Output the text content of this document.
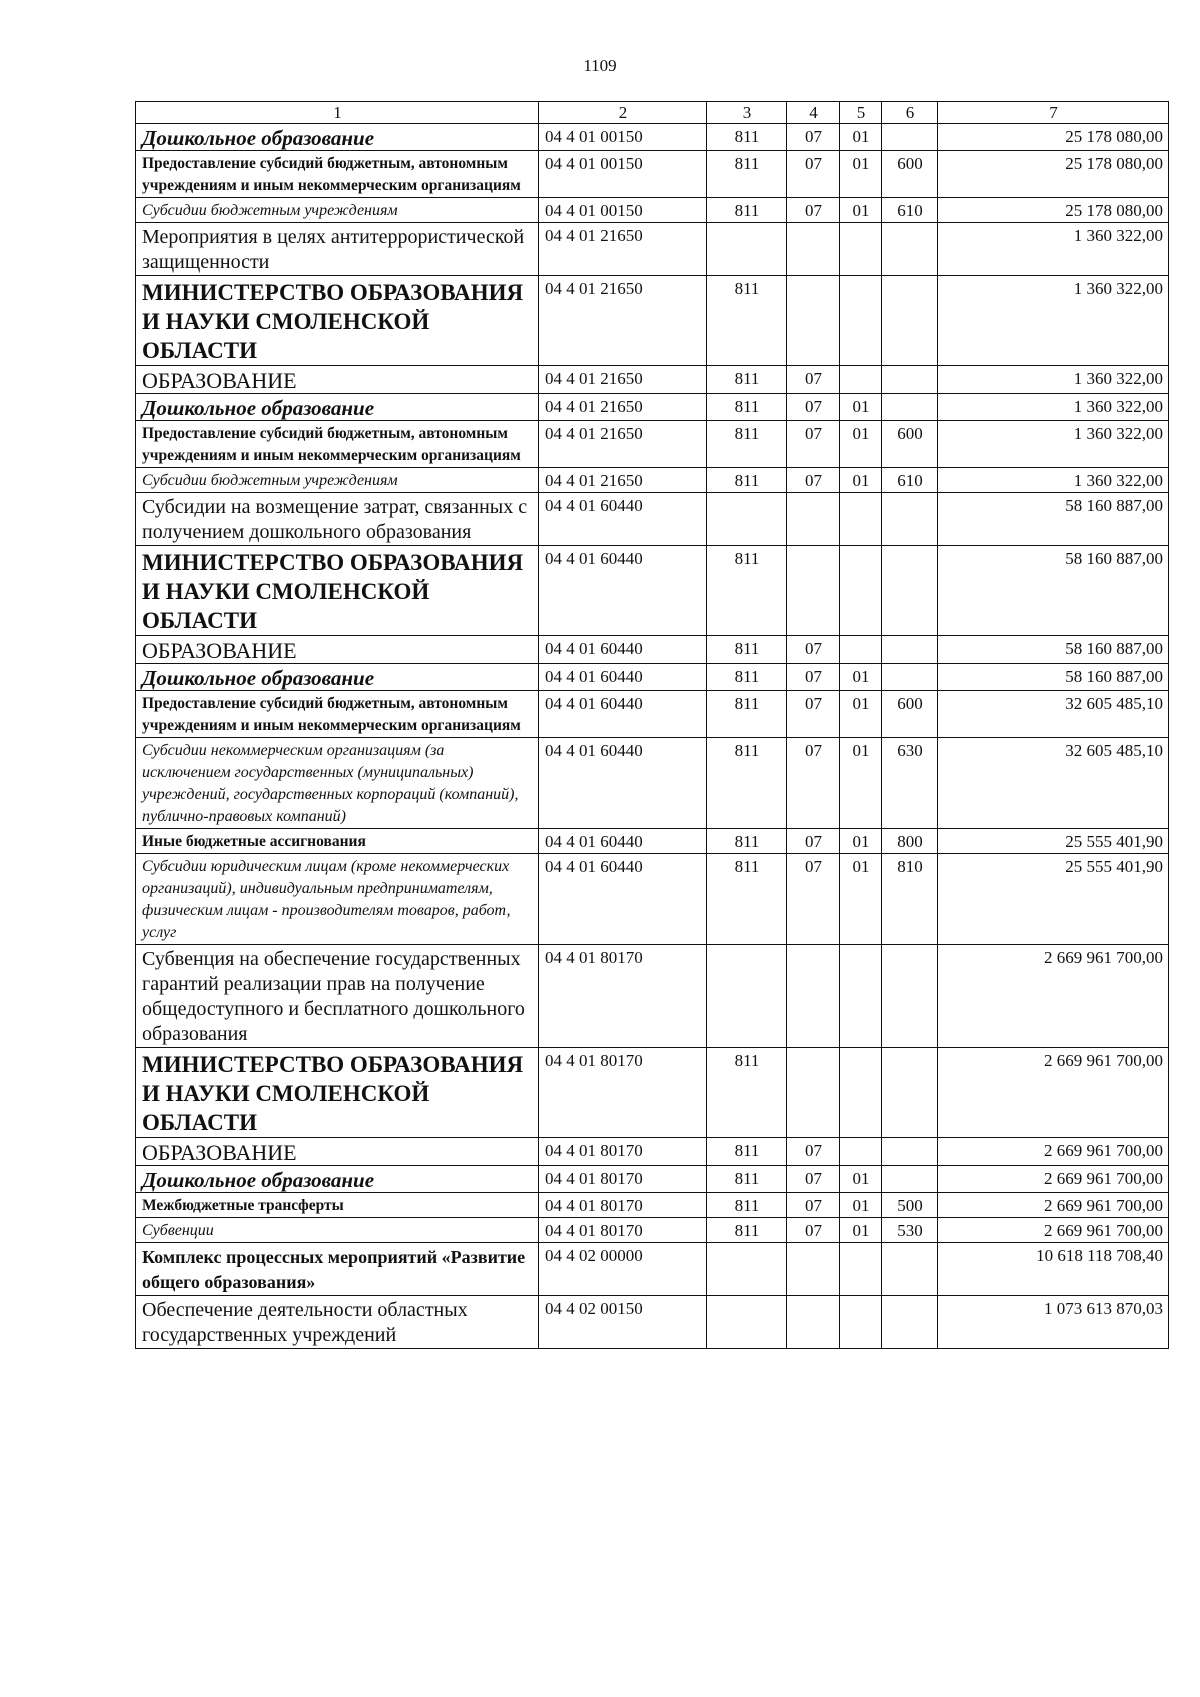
1109
1	2	3	4	5	6	7
Дошкольное образование	04 4 01 00150	811	07	01		25 178 080,00
Предоставление субсидий бюджетным, автономным учреждениям и иным некоммерческим организациям	04 4 01 00150	811	07	01	600	25 178 080,00
Субсидии бюджетным учреждениям	04 4 01 00150	811	07	01	610	25 178 080,00
Мероприятия в целях антитеррористической защищенности	04 4 01 21650					1 360 322,00
МИНИСТЕРСТВО ОБРАЗОВАНИЯ И НАУКИ СМОЛЕНСКОЙ ОБЛАСТИ	04 4 01 21650	811				1 360 322,00
ОБРАЗОВАНИЕ	04 4 01 21650	811	07			1 360 322,00
Дошкольное образование	04 4 01 21650	811	07	01		1 360 322,00
Предоставление субсидий бюджетным, автономным учреждениям и иным некоммерческим организациям	04 4 01 21650	811	07	01	600	1 360 322,00
Субсидии бюджетным учреждениям	04 4 01 21650	811	07	01	610	1 360 322,00
Субсидии на возмещение затрат, связанных с получением дошкольного образования	04 4 01 60440					58 160 887,00
МИНИСТЕРСТВО ОБРАЗОВАНИЯ И НАУКИ СМОЛЕНСКОЙ ОБЛАСТИ	04 4 01 60440	811				58 160 887,00
ОБРАЗОВАНИЕ	04 4 01 60440	811	07			58 160 887,00
Дошкольное образование	04 4 01 60440	811	07	01		58 160 887,00
Предоставление субсидий бюджетным, автономным учреждениям и иным некоммерческим организациям	04 4 01 60440	811	07	01	600	32 605 485,10
Субсидии некоммерческим организациям (за исключением государственных (муниципальных) учреждений, государственных корпораций (компаний), публично-правовых компаний)	04 4 01 60440	811	07	01	630	32 605 485,10
Иные бюджетные ассигнования	04 4 01 60440	811	07	01	800	25 555 401,90
Субсидии юридическим лицам (кроме некоммерческих организаций), индивидуальным предпринимателям, физическим лицам - производителям товаров, работ, услуг	04 4 01 60440	811	07	01	810	25 555 401,90
Субвенция на обеспечение государственных гарантий реализации прав на получение общедоступного и бесплатного дошкольного образования	04 4 01 80170					2 669 961 700,00
МИНИСТЕРСТВО ОБРАЗОВАНИЯ И НАУКИ СМОЛЕНСКОЙ ОБЛАСТИ	04 4 01 80170	811				2 669 961 700,00
ОБРАЗОВАНИЕ	04 4 01 80170	811	07			2 669 961 700,00
Дошкольное образование	04 4 01 80170	811	07	01		2 669 961 700,00
Межбюджетные трансферты	04 4 01 80170	811	07	01	500	2 669 961 700,00
Субвенции	04 4 01 80170	811	07	01	530	2 669 961 700,00
Комплекс процессных мероприятий «Развитие общего образования»	04 4 02 00000					10 618 118 708,40
Обеспечение деятельности областных государственных учреждений	04 4 02 00150					1 073 613 870,03
